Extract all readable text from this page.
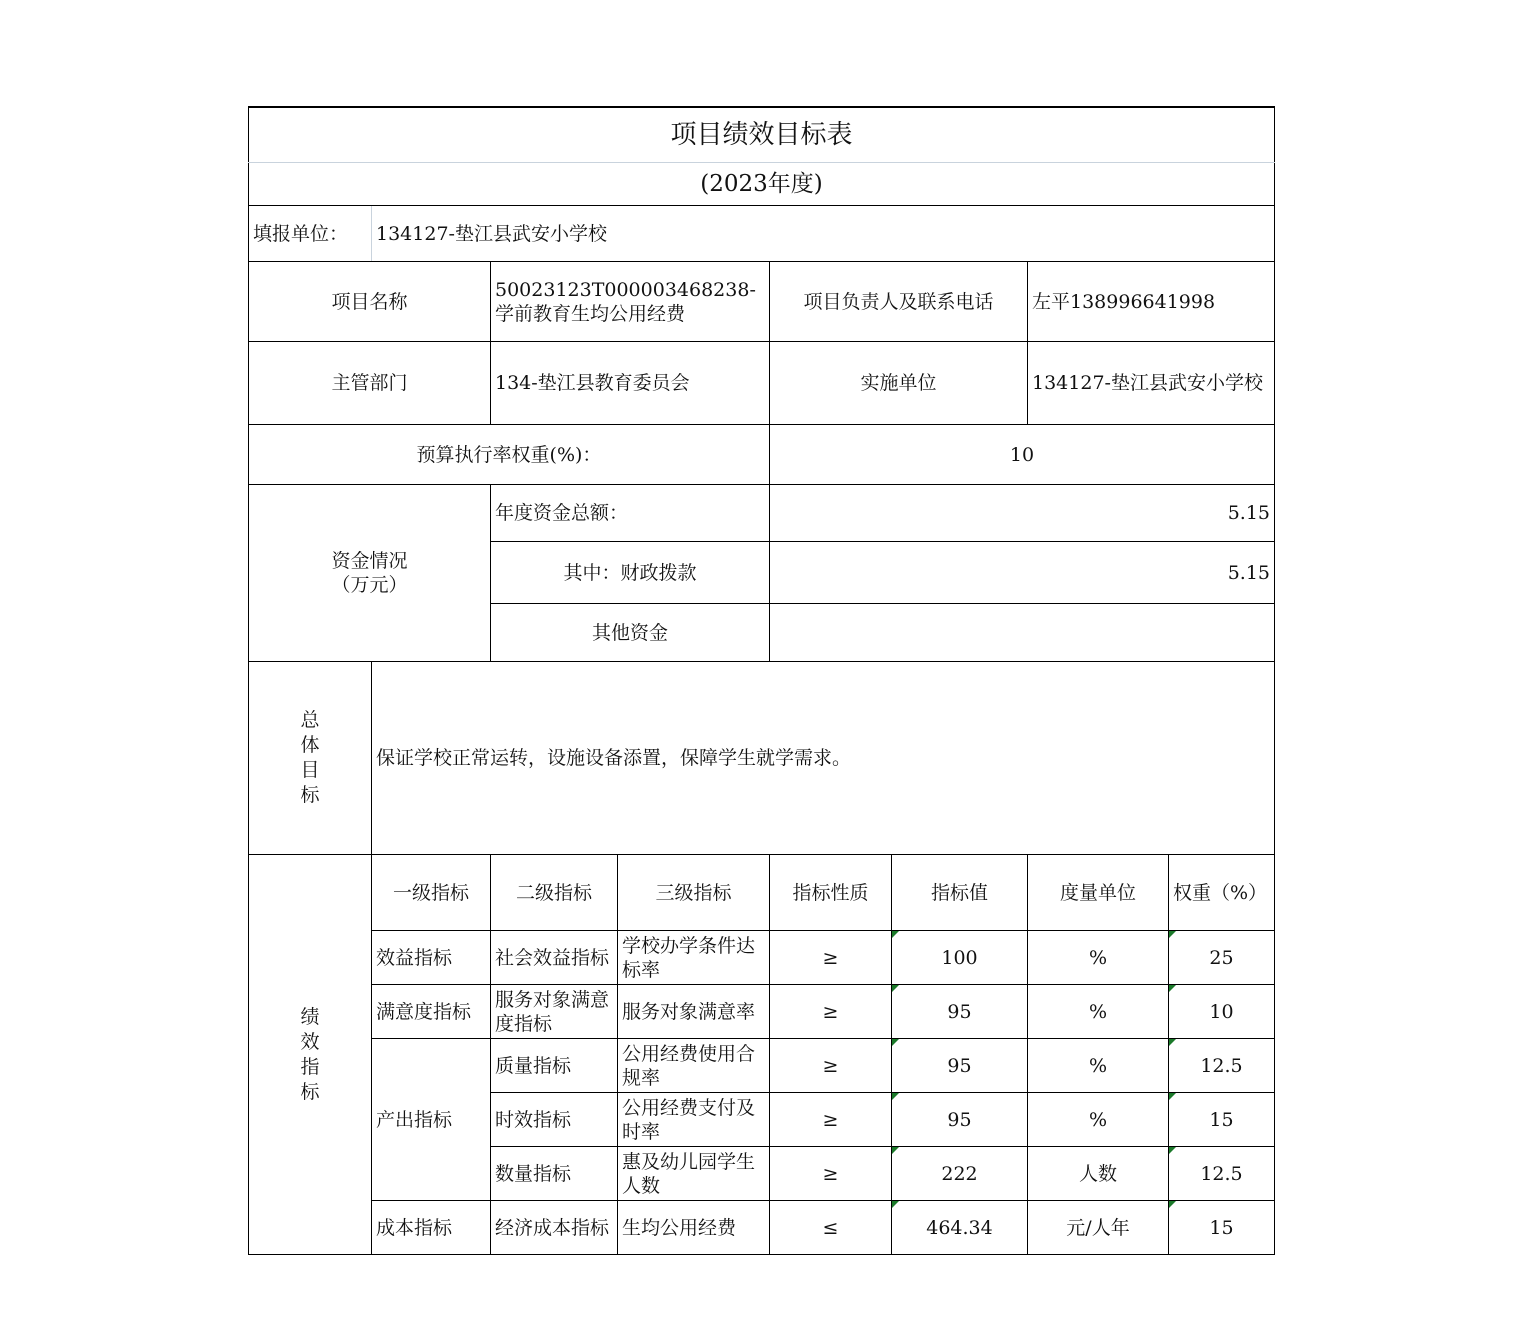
项目绩效目标表							
(2023年度)							
填报单位：	134127-垫江县武安小学校						
项目名称		50023123T000003468238-学前教育生均公用经费		项目负责人及联系电话		左平138996641998	
主管部门		134-垫江县教育委员会		实施单位		134127-垫江县武安小学校	
预算执行率权重(%)：				10			
资金情况（万元）		年度资金总额：		5.15			
		其中：财政拨款		5.15			
		其他资金					
总体目标	保证学校正常运转，设施设备添置，保障学生就学需求。						
绩效指标	一级指标	二级指标	三级指标	指标性质	指标值	度量单位	权重（%）
	效益指标	社会效益指标	学校办学条件达标率	≥	100	%	25
	满意度指标	服务对象满意度指标	服务对象满意率	≥	95	%	10
	产出指标	质量指标	公用经费使用合规率	≥	95	%	12.5
		时效指标	公用经费支付及时率	≥	95	%	15
		数量指标	惠及幼儿园学生人数	≥	222	人数	12.5
	成本指标	经济成本指标	生均公用经费	≤	464.34	元/人年	15
